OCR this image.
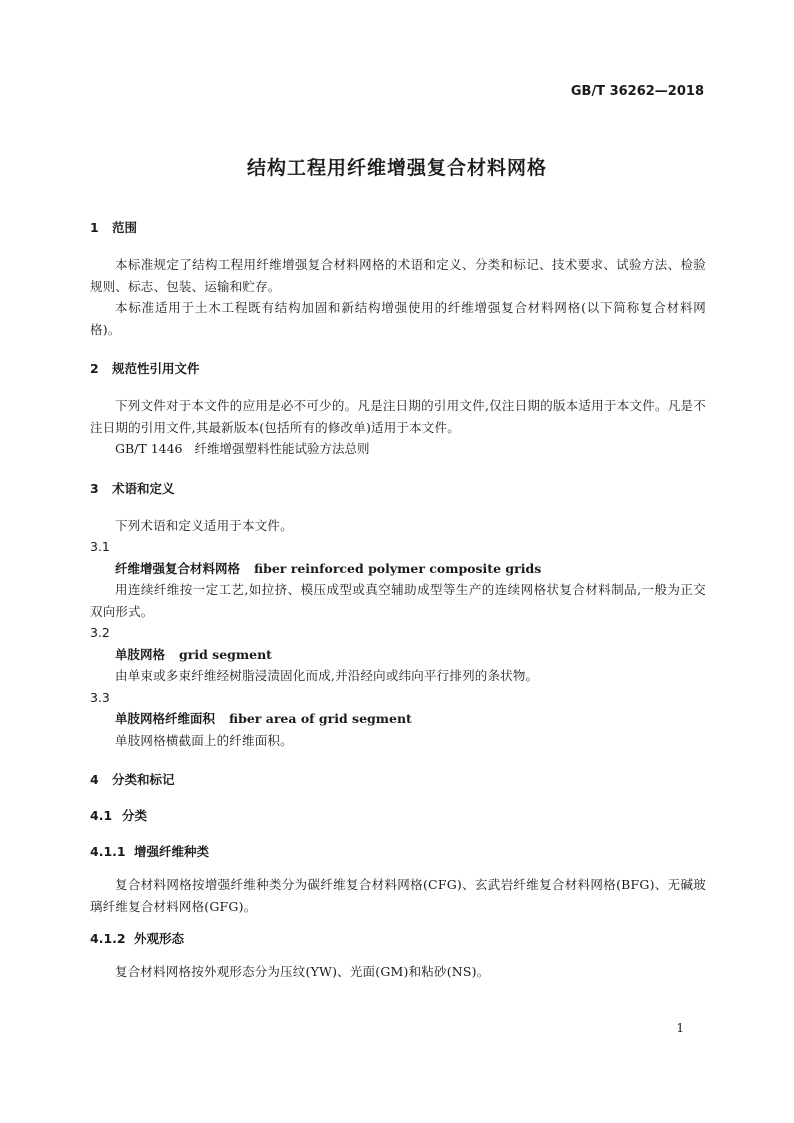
GB/T 36262—2018
结构工程用纤维增强复合材料网格
1 范围

本标准规定了结构工程用纤维增强复合材料网格的术语和定义、分类和标记、技术要求、试验方法、检验规则、标志、包装、运输和贮存。

本标准适用于土木工程既有结构加固和新结构增强使用的纤维增强复合材料网格(以下简称复合材料网格)。

2 规范性引用文件

下列文件对于本文件的应用是必不可少的。凡是注日期的引用文件,仅注日期的版本适用于本文件。凡是不注日期的引用文件,其最新版本(包括所有的修改单)适用于本文件。

GB/T 1446 纤维增强塑料性能试验方法总则

3 术语和定义

下列术语和定义适用于本文件。

3.1

纤维增强复合材料网格 fiber reinforced polymer composite grids

用连续纤维按一定工艺,如拉挤、模压成型或真空辅助成型等生产的连续网格状复合材料制品,一般为正交双向形式。

3.2

单肢网格 grid segment

由单束或多束纤维经树脂浸渍固化而成,并沿经向或纬向平行排列的条状物。

3.3

单肢网格纤维面积 fiber area of grid segment

单肢网格横截面上的纤维面积。

4 分类和标记
4.1 分类
4.1.1 增强纤维种类

复合材料网格按增强纤维种类分为碳纤维复合材料网格(CFG)、玄武岩纤维复合材料网格(BFG)、无碱玻璃纤维复合材料网格(GFG)。

4.1.2 外观形态

复合材料网格按外观形态分为压纹(YW)、光面(GM)和粘砂(NS)。

1
